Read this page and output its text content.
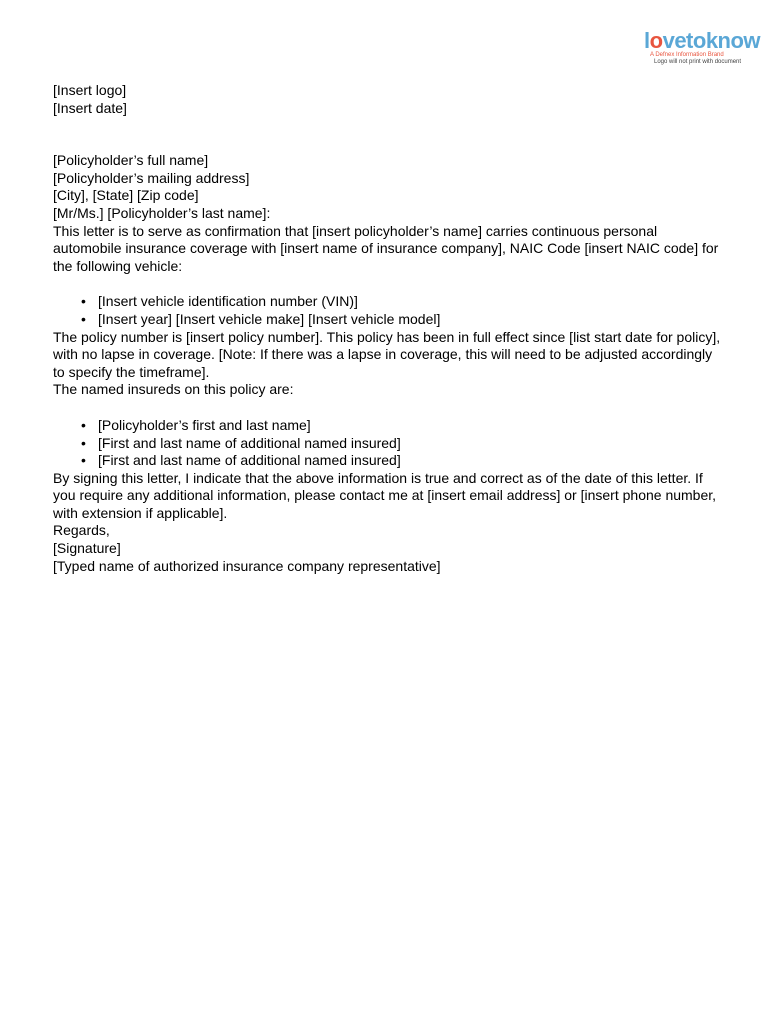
lovetoknow
A Defnex Information Brand
Logo will not print with document

[Insert logo]

[Insert date]

[Policyholder’s full name]

[Policyholder’s mailing address]

[City], [State] [Zip code]

[Mr/Ms.] [Policyholder’s last name]:

This letter is to serve as confirmation that [insert policyholder’s name] carries continuous personal automobile insurance coverage with [insert name of insurance company], NAIC Code [insert NAIC code] for the following vehicle:

• [Insert vehicle identification number (VIN)]
• [Insert year] [Insert vehicle make] [Insert vehicle model]

The policy number is [insert policy number]. This policy has been in full effect since [list start date for policy], with no lapse in coverage. [Note: If there was a lapse in coverage, this will need to be adjusted accordingly to specify the timeframe].

The named insureds on this policy are:

• [Policyholder’s first and last name]
• [First and last name of additional named insured]
• [First and last name of additional named insured]

By signing this letter, I indicate that the above information is true and correct as of the date of this letter. If you require any additional information, please contact me at [insert email address] or [insert phone number, with extension if applicable].

Regards,

[Signature]

[Typed name of authorized insurance company representative]
